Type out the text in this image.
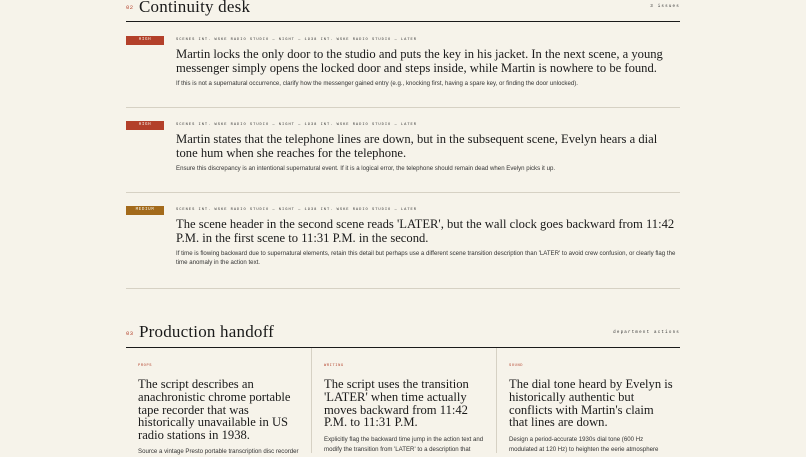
02 Continuity desk	3 issues
HIGH	SCENES INT. WSKE RADIO STUDIO — NIGHT — 1938 INT. WSKE RADIO STUDIO — LATER
Martin locks the only door to the studio and puts the key in his jacket. In the next scene, a young messenger simply opens the locked door and steps inside, while Martin is nowhere to be found.
If this is not a supernatural occurrence, clarify how the messenger gained entry (e.g., knocking first, having a spare key, or finding the door unlocked).
HIGH	SCENES INT. WSKE RADIO STUDIO — NIGHT — 1938 INT. WSKE RADIO STUDIO — LATER
Martin states that the telephone lines are down, but in the subsequent scene, Evelyn hears a dial tone hum when she reaches for the telephone.
Ensure this discrepancy is an intentional supernatural event. If it is a logical error, the telephone should remain dead when Evelyn picks it up.
MEDIUM	SCENES INT. WSKE RADIO STUDIO — NIGHT — 1938 INT. WSKE RADIO STUDIO — LATER
The scene header in the second scene reads 'LATER', but the wall clock goes backward from 11:42 P.M. in the first scene to 11:31 P.M. in the second.
If time is flowing backward due to supernatural elements, retain this detail but perhaps use a different scene transition description than 'LATER' to avoid crew confusion, or clearly flag the time anomaly in the action text.
03 Production handoff	department actions
PROPS
The script describes an anachronistic chrome portable tape recorder that was historically unavailable in US radio stations in 1938.
Source a vintage Presto portable transcription disc recorder
WRITING
The script uses the transition 'LATER' when time actually moves backward from 11:42 P.M. to 11:31 P.M.
Explicitly flag the backward time jump in the action text and modify the transition from 'LATER' to a description that
SOUND
The dial tone heard by Evelyn is historically authentic but conflicts with Martin's claim that lines are down.
Design a period-accurate 1930s dial tone (600 Hz modulated at 120 Hz) to heighten the eerie atmosphere
